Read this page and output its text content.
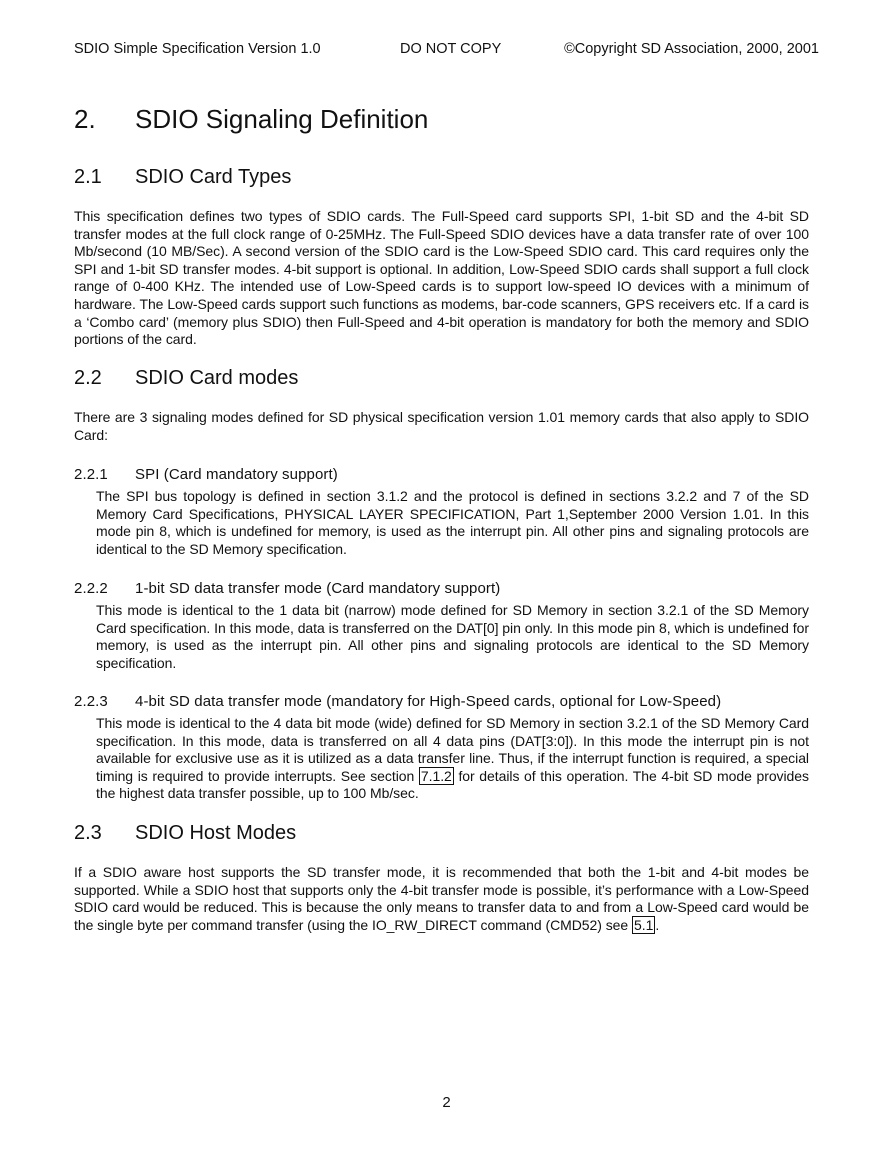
SDIO Simple Specification Version 1.0	DO NOT COPY	©Copyright SD Association, 2000, 2001
2. SDIO Signaling Definition
2.1 SDIO Card Types
This specification defines two types of SDIO cards. The Full-Speed card supports SPI, 1-bit SD and the 4-bit SD transfer modes at the full clock range of 0-25MHz. The Full-Speed SDIO devices have a data transfer rate of over 100 Mb/second (10 MB/Sec). A second version of the SDIO card is the Low-Speed SDIO card. This card requires only the SPI and 1-bit SD transfer modes. 4-bit support is optional. In addition, Low-Speed SDIO cards shall support a full clock range of 0-400 KHz. The intended use of Low-Speed cards is to support low-speed IO devices with a minimum of hardware. The Low-Speed cards support such functions as modems, bar-code scanners, GPS receivers etc. If a card is a ‘Combo card’ (memory plus SDIO) then Full-Speed and 4-bit operation is mandatory for both the memory and SDIO portions of the card.
2.2 SDIO Card modes
There are 3 signaling modes defined for SD physical specification version 1.01 memory cards that also apply to SDIO Card:
2.2.1 SPI (Card mandatory support)
The SPI bus topology is defined in section 3.1.2 and the protocol is defined in sections 3.2.2 and 7 of the SD Memory Card Specifications, PHYSICAL LAYER SPECIFICATION, Part 1,September 2000 Version 1.01. In this mode pin 8, which is undefined for memory, is used as the interrupt pin. All other pins and signaling protocols are identical to the SD Memory specification.
2.2.2 1-bit SD data transfer mode (Card mandatory support)
This mode is identical to the 1 data bit (narrow) mode defined for SD Memory in section 3.2.1 of the SD Memory Card specification. In this mode, data is transferred on the DAT[0] pin only. In this mode pin 8, which is undefined for memory, is used as the interrupt pin. All other pins and signaling protocols are identical to the SD Memory specification.
2.2.3 4-bit SD data transfer mode (mandatory for High-Speed cards, optional for Low-Speed)
This mode is identical to the 4 data bit mode (wide) defined for SD Memory in section 3.2.1 of the SD Memory Card specification. In this mode, data is transferred on all 4 data pins (DAT[3:0]). In this mode the interrupt pin is not available for exclusive use as it is utilized as a data transfer line. Thus, if the interrupt function is required, a special timing is required to provide interrupts. See section 7.1.2 for details of this operation. The 4-bit SD mode provides the highest data transfer possible, up to 100 Mb/sec.
2.3 SDIO Host Modes
If a SDIO aware host supports the SD transfer mode, it is recommended that both the 1-bit and 4-bit modes be supported. While a SDIO host that supports only the 4-bit transfer mode is possible, it’s performance with a Low-Speed SDIO card would be reduced. This is because the only means to transfer data to and from a Low-Speed card would be the single byte per command transfer (using the IO_RW_DIRECT command (CMD52) see 5.1 .
2
